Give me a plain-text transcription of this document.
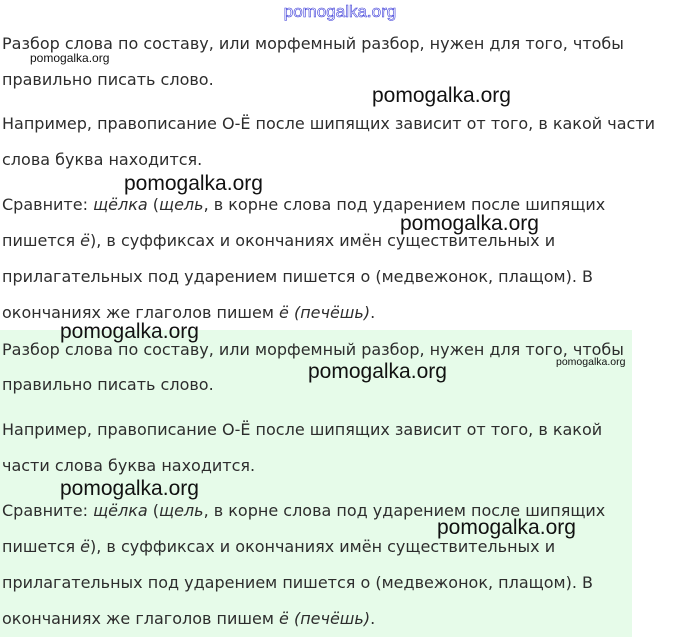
pomogalka.org
Разбор слова по составу, или морфемный разбор, нужен для того, чтобы
правильно писать слово.
Например, правописание О-Ё после шипящих зависит от того, в какой части
слова буква находится.
Сравните: щёлка (щель, в корне слова под ударением после шипящих
пишется ё), в суффиксах и окончаниях имён существительных и
прилагательных под ударением пишется о (медвежонок, плащом). В
окончаниях же глаголов пишем ё (печёшь).
Разбор слова по составу, или морфемный разбор, нужен для того, чтобы
правильно писать слово.
Например, правописание О-Ё после шипящих зависит от того, в какой
части слова буква находится.
Сравните: щёлка (щель, в корне слова под ударением после шипящих
пишется ё), в суффиксах и окончаниях имён существительных и
прилагательных под ударением пишется о (медвежонок, плащом). В
окончаниях же глаголов пишем ё (печёшь).
pomogalka.org
pomogalka.org
pomogalka.org
pomogalka.org
pomogalka.org
pomogalka.org
pomogalka.org
pomogalka.org
pomogalka.org
